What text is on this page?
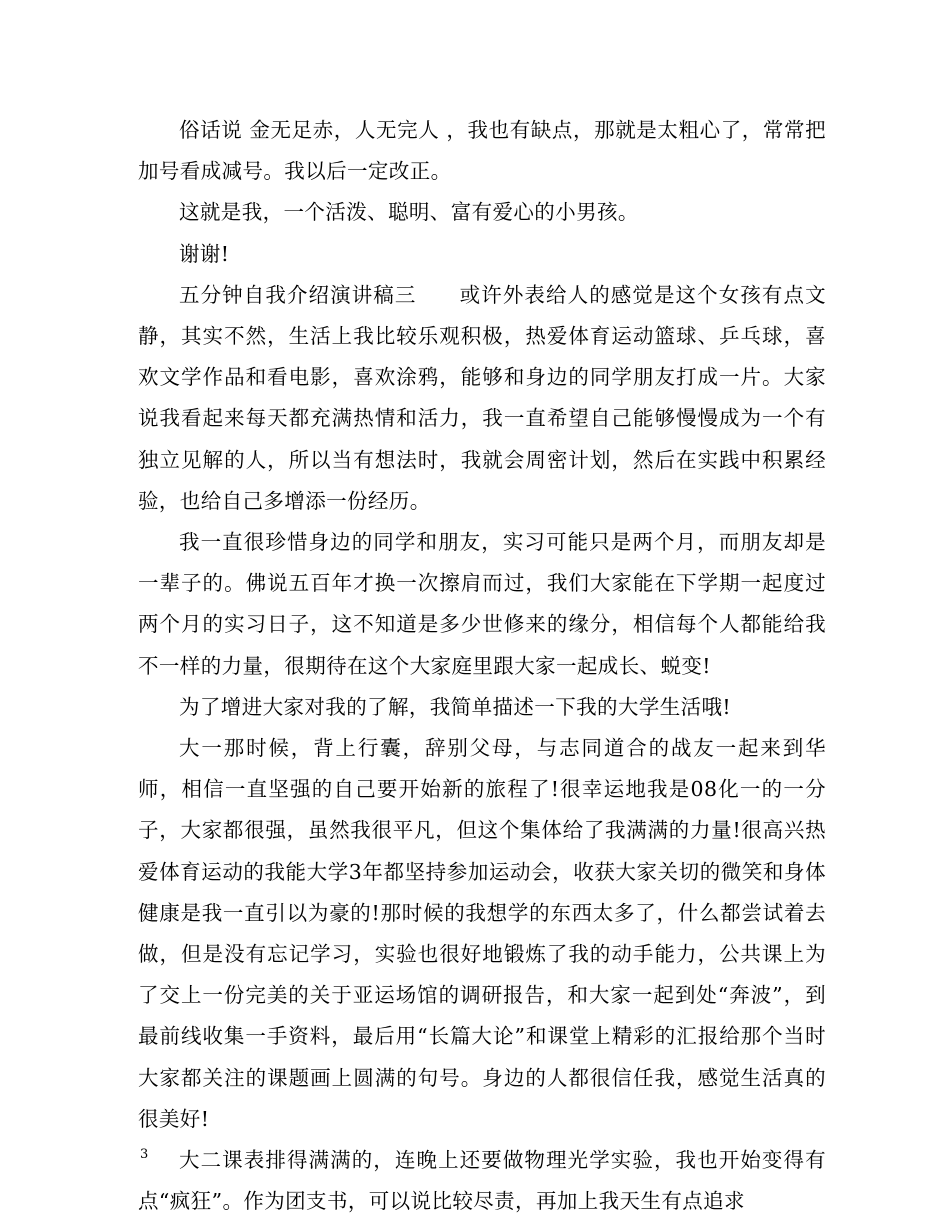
俗话说 金无足赤，人无完人 ，我也有缺点，那就是太粗心了，常常把加号看成减号。我以后一定改正。

这就是我，一个活泼、聪明、富有爱心的小男孩。

谢谢!

五分钟自我介绍演讲稿三　　或许外表给人的感觉是这个女孩有点文静，其实不然，生活上我比较乐观积极，热爱体育运动篮球、乒乓球，喜欢文学作品和看电影，喜欢涂鸦，能够和身边的同学朋友打成一片。大家说我看起来每天都充满热情和活力，我一直希望自己能够慢慢成为一个有独立见解的人，所以当有想法时，我就会周密计划，然后在实践中积累经验，也给自己多增添一份经历。

我一直很珍惜身边的同学和朋友，实习可能只是两个月，而朋友却是一辈子的。佛说五百年才换一次擦肩而过，我们大家能在下学期一起度过两个月的实习日子，这不知道是多少世修来的缘分，相信每个人都能给我不一样的力量，很期待在这个大家庭里跟大家一起成长、蜕变!

为了增进大家对我的了解，我简单描述一下我的大学生活哦!

大一那时候，背上行囊，辞别父母，与志同道合的战友一起来到华师，相信一直坚强的自己要开始新的旅程了!很幸运地我是08化一的一分子，大家都很强，虽然我很平凡，但这个集体给了我满满的力量!很高兴热爱体育运动的我能大学3年都坚持参加运动会，收获大家关切的微笑和身体健康是我一直引以为豪的!那时候的我想学的东西太多了，什么都尝试着去做，但是没有忘记学习，实验也很好地锻炼了我的动手能力，公共课上为了交上一份完美的关于亚运场馆的调研报告，和大家一起到处“奔波”，到最前线收集一手资料，最后用“长篇大论”和课堂上精彩的汇报给那个当时大家都关注的课题画上圆满的句号。身边的人都很信任我，感觉生活真的很美好!

大二课表排得满满的，连晚上还要做物理光学实验，我也开始变得有点“疯狂”。作为团支书，可以说比较尽责，再加上我天生有点追求

3
